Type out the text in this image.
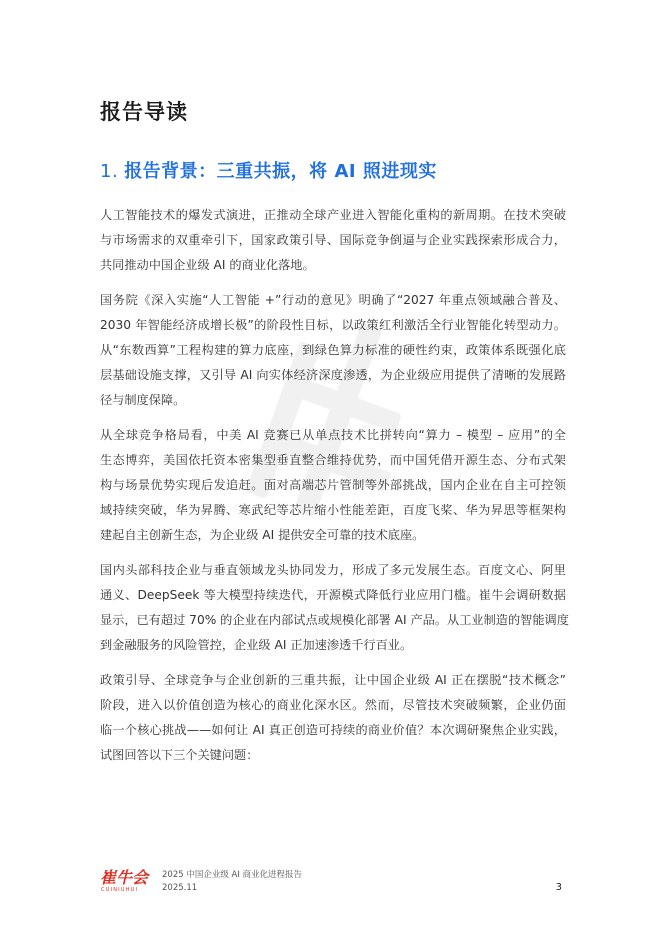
报告导读
1. 报告背景：三重共振，将 AI 照进现实

人工智能技术的爆发式演进，正推动全球产业进入智能化重构的新周期。在技术突破
与市场需求的双重牵引下，国家政策引导、国际竞争倒逼与企业实践探索形成合力，
共同推动中国企业级 AI 的商业化落地。

国务院《深入实施“人工智能 +”行动的意见》明确了“2027 年重点领域融合普及、
2030 年智能经济成增长极”的阶段性目标，以政策红利激活全行业智能化转型动力。
从“东数西算”工程构建的算力底座，到绿色算力标准的硬性约束，政策体系既强化底
层基础设施支撑，又引导 AI 向实体经济深度渗透，为企业级应用提供了清晰的发展路
径与制度保障。

从全球竞争格局看，中美 AI 竞赛已从单点技术比拼转向“算力 – 模型 – 应用”的全
生态博弈，美国依托资本密集型垂直整合维持优势，而中国凭借开源生态、分布式架
构与场景优势实现后发追赶。面对高端芯片管制等外部挑战，国内企业在自主可控领
域持续突破，华为昇腾、寒武纪等芯片缩小性能差距，百度飞桨、华为昇思等框架构
建起自主创新生态，为企业级 AI 提供安全可靠的技术底座。

国内头部科技企业与垂直领域龙头协同发力，形成了多元发展生态。百度文心、阿里
通义、DeepSeek 等大模型持续迭代，开源模式降低行业应用门槛。崔牛会调研数据
显示，已有超过 70% 的企业在内部试点或规模化部署 AI 产品。从工业制造的智能调度
到金融服务的风险管控，企业级 AI 正加速渗透千行百业。

政策引导、全球竞争与企业创新的三重共振，让中国企业级 AI 正在摆脱“技术概念”
阶段，进入以价值创造为核心的商业化深水区。然而，尽管技术突破频繁，企业仍面
临一个核心挑战——如何让 AI 真正创造可持续的商业价值？本次调研聚焦企业实践，
试图回答以下三个关键问题：

崔牛会
CUINIUHUI
2025 中国企业级 AI 商业化进程报告
2025.11	3
